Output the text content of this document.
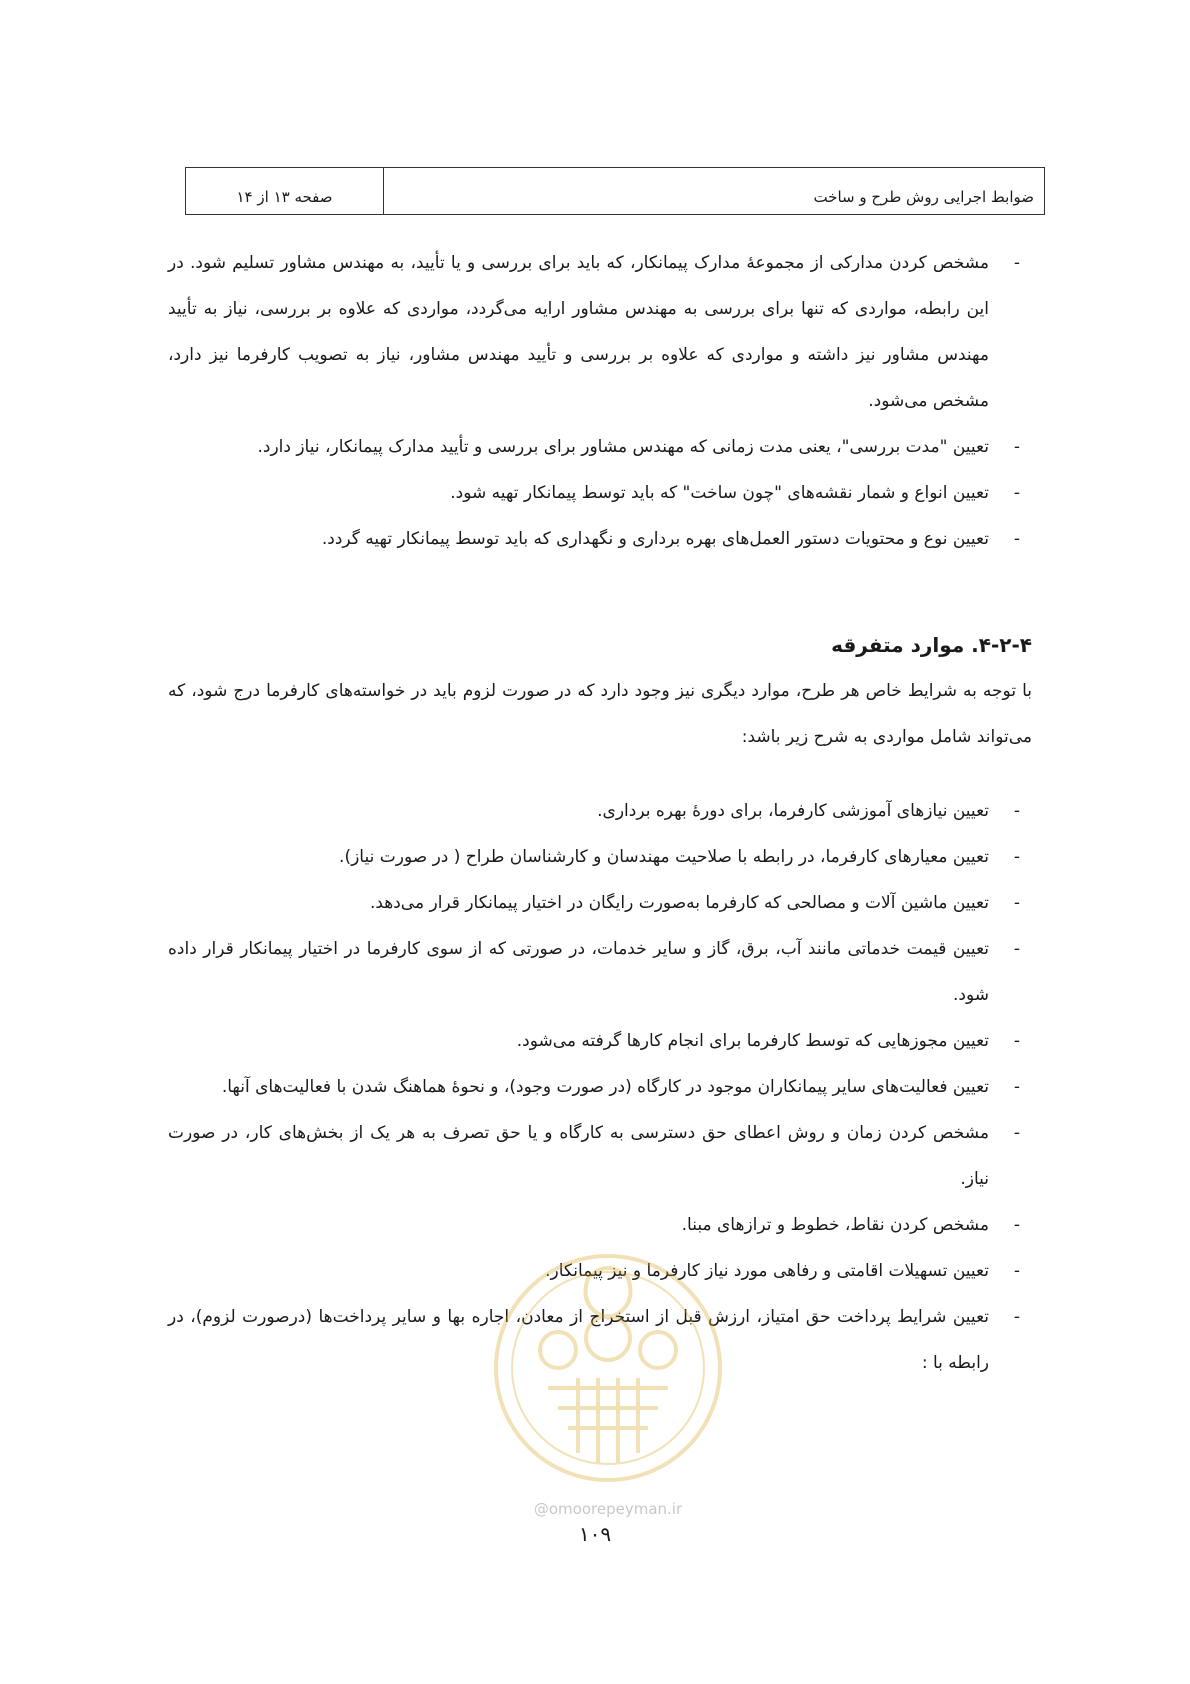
ضوابط اجرایی روش طرح و ساخت
صفحه ۱۳ از ۱۴
- مشخص کردن مدارکی از مجموعهٔ مدارک پیمانکار، که باید برای بررسی و یا تأیید، به مهندس مشاور تسلیم شود. در این رابطه، مواردی که تنها برای بررسی به مهندس مشاور ارایه می‌گردد، مواردی که علاوه بر بررسی، نیاز به تأیید مهندس مشاور نیز داشته و مواردی که علاوه بر بررسی و تأیید مهندس مشاور، نیاز به تصویب کارفرما نیز دارد، مشخص می‌شود.
- تعیین "مدت بررسی"، یعنی مدت زمانی که مهندس مشاور برای بررسی و تأیید مدارک پیمانکار، نیاز دارد.
- تعیین انواع و شمار نقشه‌های "چون ساخت" که باید توسط پیمانکار تهیه شود.
- تعیین نوع و محتویات دستور العمل‌های بهره برداری و نگهداری که باید توسط پیمانکار تهیه گردد.
۴-۲-۴. موارد متفرقه

با توجه به شرایط خاص هر طرح، موارد دیگری نیز وجود دارد که در صورت لزوم باید در خواسته‌های کارفرما درج شود، که می‌تواند شامل مواردی به شرح زیر باشد:

- تعیین نیازهای آموزشی کارفرما، برای دورهٔ بهره برداری.
- تعیین معیارهای کارفرما، در رابطه با صلاحیت مهندسان و کارشناسان طراح ( در صورت نیاز).
- تعیین ماشین آلات و مصالحی که کارفرما به‌صورت رایگان در اختیار پیمانکار قرار می‌دهد.
- تعیین قیمت خدماتی مانند آب، برق، گاز و سایر خدمات، در صورتی که از سوی کارفرما در اختیار پیمانکار قرار داده شود.
- تعیین مجوزهایی که توسط کارفرما برای انجام کارها گرفته می‌شود.
- تعیین فعالیت‌های سایر پیمانکاران موجود در کارگاه (در صورت وجود)، و نحوهٔ هماهنگ شدن با فعالیت‌های آنها.
- مشخص کردن زمان و روش اعطای حق دسترسی به کارگاه و یا حق تصرف به هر یک از بخش‌های کار، در صورت نیاز.
- مشخص کردن نقاط، خطوط و ترازهای مبنا.
- تعیین تسهیلات اقامتی و رفاهی مورد نیاز کارفرما و نیز پیمانکار.
- تعیین شرایط پرداخت حق امتیاز، ارزش قبل از استخراج از معادن، اجاره بها و سایر پرداخت‌ها (درصورت لزوم)، در رابطه با :
@omoorepeyman.ir
۱۰۹
